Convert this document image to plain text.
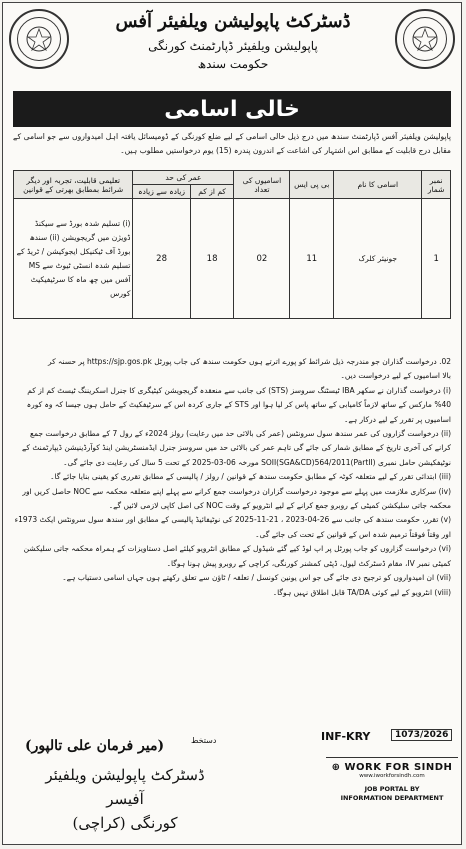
ڈسٹرکٹ پاپولیشن ویلفیئر آفس
پاپولیشن ویلفیئر ڈپارٹمنٹ کورنگی
حکومت سندھ
خالی اسامی
پاپولیشن ویلفیئر آفس ڈپارٹمنٹ سندھ میں درج ذیل خالی اسامی کے لیے ضلع کورنگی کے ڈومیسائل یافتہ اہل امیدواروں سے جو اسامی کے مقابل درج قابلیت کے مطابق اس اشتہار کی اشاعت کے اندرون پندرہ (15) یوم درخواستیں مطلوب ہیں۔
نمبر شمار	اسامی کا نام	بی پی ایس	اسامیوں کی تعداد	عمر کی حد		تعلیمی قابلیت، تجربہ اور دیگر شرائط بمطابق بھرتی کے قوانین
				کم از کم	زیادہ سے زیادہ	
1	جونیئر کلرک	11	02	18	28	(i) تسلیم شدہ بورڈ سے سیکنڈ ڈویژن میں گریجویشن (ii) سندھ بورڈ آف ٹیکنیکل ایجوکیشن / ٹریڈ کے تسلیم شدہ انسٹی ٹیوٹ سے MS آفس میں چھ ماہ کا سرٹیفیکیٹ کورس
02. درخواست گذاران جو مندرجہ ذیل شرائط کو پورے اترتے ہوں حکومت سندھ کی جاب پورٹل https://sjp.gos.pk پر حسنہ کر
بالا اسامیوں کے لیے درخواست دیں۔
(i) درخواست گذاران نے سکھر IBA ٹیسٹنگ سروسز (STS) کی جانب سے منعقدہ گریجویشن کیٹیگری کا جنرل اسکریننگ ٹیسٹ کم از کم 40% مارکس کے ساتھ لازماً کامیابی کے ساتھ پاس کر لیا ہوا اور STS کے جاری کردہ اس کے سرٹیفکیٹ کے حامل ہوں جیسا کہ وہ کورہ اسامیوں پر تقرر کے لیے درکار ہے۔
(ii) درخواست گزاروں کی عمر سندھ سول سرونٹس (عمر کی بالائی حد میں رعایت) رولز 2024ء کے رول 7 کے مطابق درخواست جمع کرانے کی آخری تاریخ کے مطابق شمار کی جائے گی تاہم عمر کی بالائی حد میں سروسز جنرل ایڈمنسٹریشن اینڈ کوآرڈینیشن ڈیپارٹمنٹ کے نوٹیفکیشن حامل نمبری SOII(SGA&CD)564/2011(PartII) مورخہ 06-03-2025 کے تحت 5 سال کی رعایت دی جائے گی۔
(iii) ابتدائی تقرر کے لیے متعلقہ کوٹہ کے مطابق حکومت سندھ کے قوانین / رولز / پالیسی کے مطابق تقرری کو یقینی بنایا جائے گا۔
(iv) سرکاری ملازمت میں پہلے سے موجود درخواست گزاران درخواست جمع کرانے سے پہلے اپنے متعلقہ محکمہ سے NOC حاصل کریں اور محکمہ جاتی سلیکشن کمیٹی کے روبرو جمع کرانے کے لیے انٹرویو کے وقت NOC کی اصل کاپی لازمی لائیں گے۔
(v) تقرر، حکومت سندھ کی جانب سے 26-04-2023 ، 21-11-2025 کی نوٹیفائیڈ پالیسی کے مطابق اور سندھ سول سرونٹس ایکٹ 1973ء اور وقتاً فوقتاً ترمیم شدہ اس کے قوانین کے تحت کی جائے گی۔
(vi) درخواست گزاروں کو جاب پورٹل پر اپ لوڈ کیے گئے شیڈول کے مطابق انٹرویو کیلئے اصل دستاویزات کے ہمراہ محکمہ جاتی سلیکشن کمیٹی نمبر IV، مقام ڈسٹرکٹ لیول، ڈپٹی کمشنر کورنگی، کراچی کے روبرو پیش ہونا ہوگا۔
(vii) ان امیدواروں کو ترجیح دی جائے گی جو اس یونین کونسل / تعلقہ / ٹاؤن سے تعلق رکھتے ہوں جہاں اسامی دستیاب ہے۔
(viii) انٹرویو کے لیے کوئی TA/DA قابل اطلاق نہیں ہوگا۔
دستخط
(میر فرمان علی تالپور)
ڈسٹرکٹ پاپولیشن ویلفیئر آفیسر
کورنگی (کراچی)
INF-KRY	1073/2026
⊕ WORK FOR SINDH
www.iworkforsindh.com
JOB PORTAL BY
INFORMATION DEPARTMENT
